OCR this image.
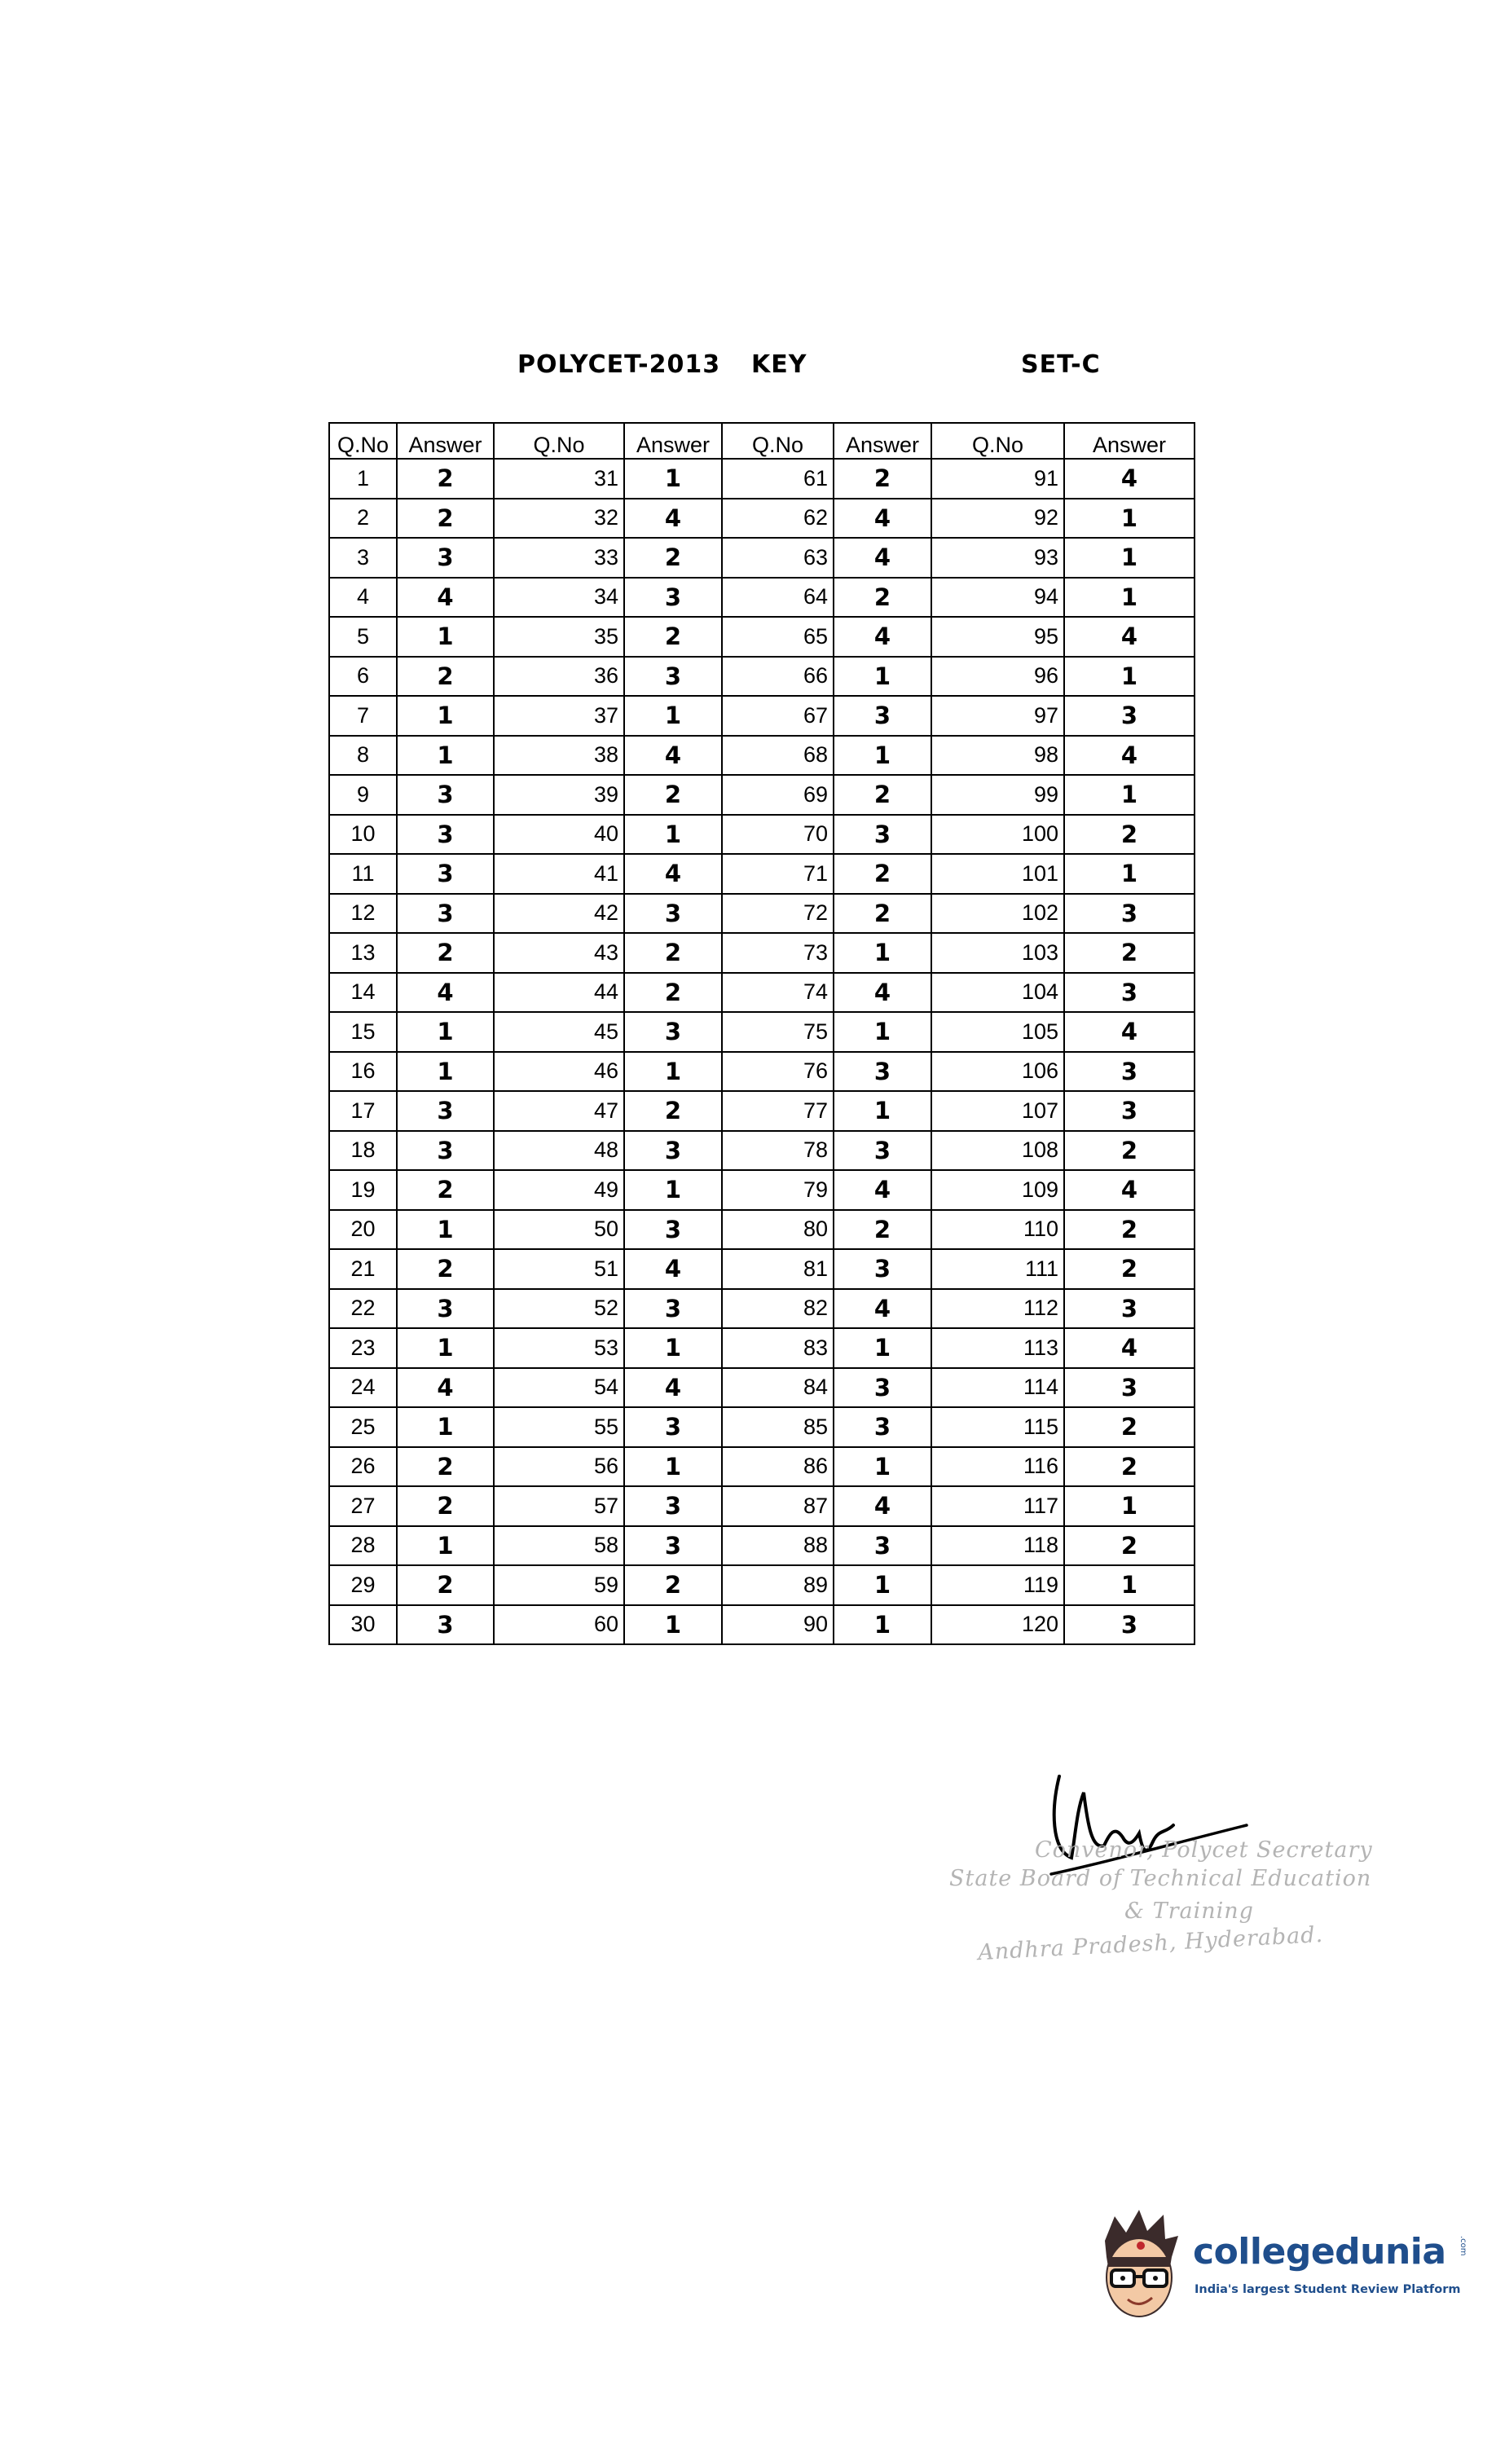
POLYCET-2013 KEY	SET-C
Q.No	Answer	Q.No	Answer	Q.No	Answer	Q.No	Answer
1	2	31	1	61	2	91	4
2	2	32	4	62	4	92	1
3	3	33	2	63	4	93	1
4	4	34	3	64	2	94	1
5	1	35	2	65	4	95	4
6	2	36	3	66	1	96	1
7	1	37	1	67	3	97	3
8	1	38	4	68	1	98	4
9	3	39	2	69	2	99	1
10	3	40	1	70	3	100	2
11	3	41	4	71	2	101	1
12	3	42	3	72	2	102	3
13	2	43	2	73	1	103	2
14	4	44	2	74	4	104	3
15	1	45	3	75	1	105	4
16	1	46	1	76	3	106	3
17	3	47	2	77	1	107	3
18	3	48	3	78	3	108	2
19	2	49	1	79	4	109	4
20	1	50	3	80	2	110	2
21	2	51	4	81	3	111	2
22	3	52	3	82	4	112	3
23	1	53	1	83	1	113	4
24	4	54	4	84	3	114	3
25	1	55	3	85	3	115	2
26	2	56	1	86	1	116	2
27	2	57	3	87	4	117	1
28	1	58	3	88	3	118	2
29	2	59	2	89	1	119	1
30	3	60	1	90	1	120	3
Convenor, Polycet Secretary
State Board of Technical Education
& Training
Andhra Pradesh, Hyderabad.
collegedunia .com
India's largest Student Review Platform
